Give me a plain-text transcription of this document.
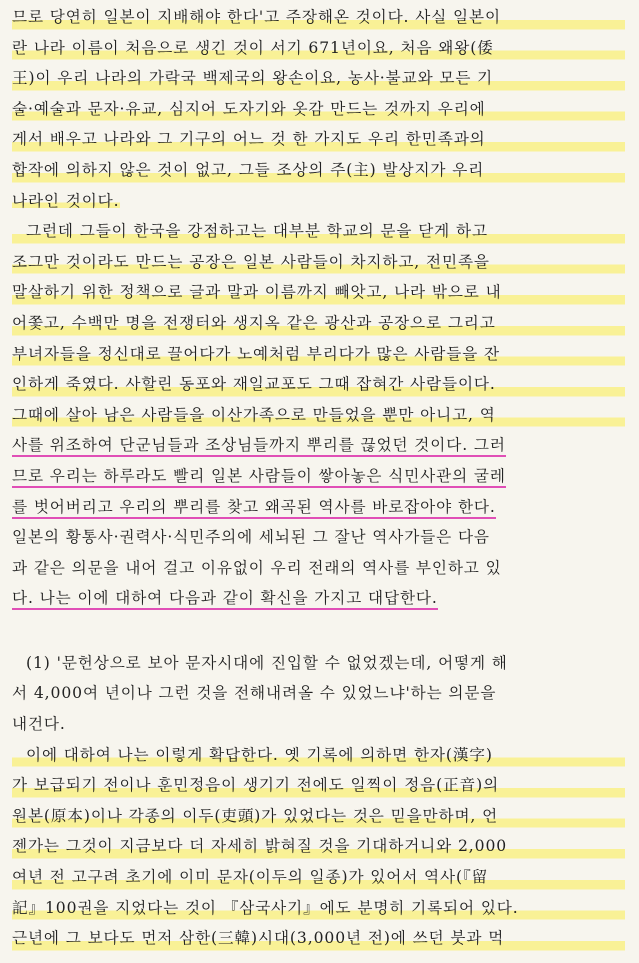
므로 당연히 일본이 지배해야 한다'고 주장해온 것이다. 사실 일본이
란 나라 이름이 처음으로 생긴 것이 서기 671년이요, 처음 왜왕(倭
王)이 우리 나라의 가락국 백제국의 왕손이요, 농사·불교와 모든 기
술·예술과 문자·유교, 심지어 도자기와 옷감 만드는 것까지 우리에
게서 배우고 나라와 그 기구의 어느 것 한 가지도 우리 한민족과의
합작에 의하지 않은 것이 없고, 그들 조상의 주(主) 발상지가 우리
나라인 것이다.
그런데 그들이 한국을 강점하고는 대부분 학교의 문을 닫게 하고
조그만 것이라도 만드는 공장은 일본 사람들이 차지하고, 전민족을
말살하기 위한 정책으로 글과 말과 이름까지 빼앗고, 나라 밖으로 내
어쫓고, 수백만 명을 전쟁터와 생지옥 같은 광산과 공장으로 그리고
부녀자들을 정신대로 끌어다가 노예처럼 부리다가 많은 사람들을 잔
인하게 죽였다. 사할린 동포와 재일교포도 그때 잡혀간 사람들이다.
그때에 살아 남은 사람들을 이산가족으로 만들었을 뿐만 아니고, 역
사를 위조하여 단군님들과 조상님들까지 뿌리를 끊었던 것이다. 그러
므로 우리는 하루라도 빨리 일본 사람들이 쌓아놓은 식민사관의 굴레
를 벗어버리고 우리의 뿌리를 찾고 왜곡된 역사를 바로잡아야 한다.
일본의 황통사·권력사·식민주의에 세뇌된 그 잘난 역사가들은 다음
과 같은 의문을 내어 걸고 이유없이 우리 전래의 역사를 부인하고 있
다. 나는 이에 대하여 다음과 같이 확신을 가지고 대답한다.
(1) '문헌상으로 보아 문자시대에 진입할 수 없었겠는데, 어떻게 해
서 4,000여 년이나 그런 것을 전해내려올 수 있었느냐'하는 의문을
내건다.
이에 대하여 나는 이렇게 확답한다. 옛 기록에 의하면 한자(漢字)
가 보급되기 전이나 훈민정음이 생기기 전에도 일찍이 정음(正音)의
원본(原本)이나 각종의 이두(吏頭)가 있었다는 것은 믿을만하며, 언
젠가는 그것이 지금보다 더 자세히 밝혀질 것을 기대하거니와 2,000
여년 전 고구려 초기에 이미 문자(이두의 일종)가 있어서 역사(『留
記』100권을 지었다는 것이 『삼국사기』에도 분명히 기록되어 있다.
근년에 그 보다도 먼저 삼한(三韓)시대(3,000년 전)에 쓰던 붓과 먹
